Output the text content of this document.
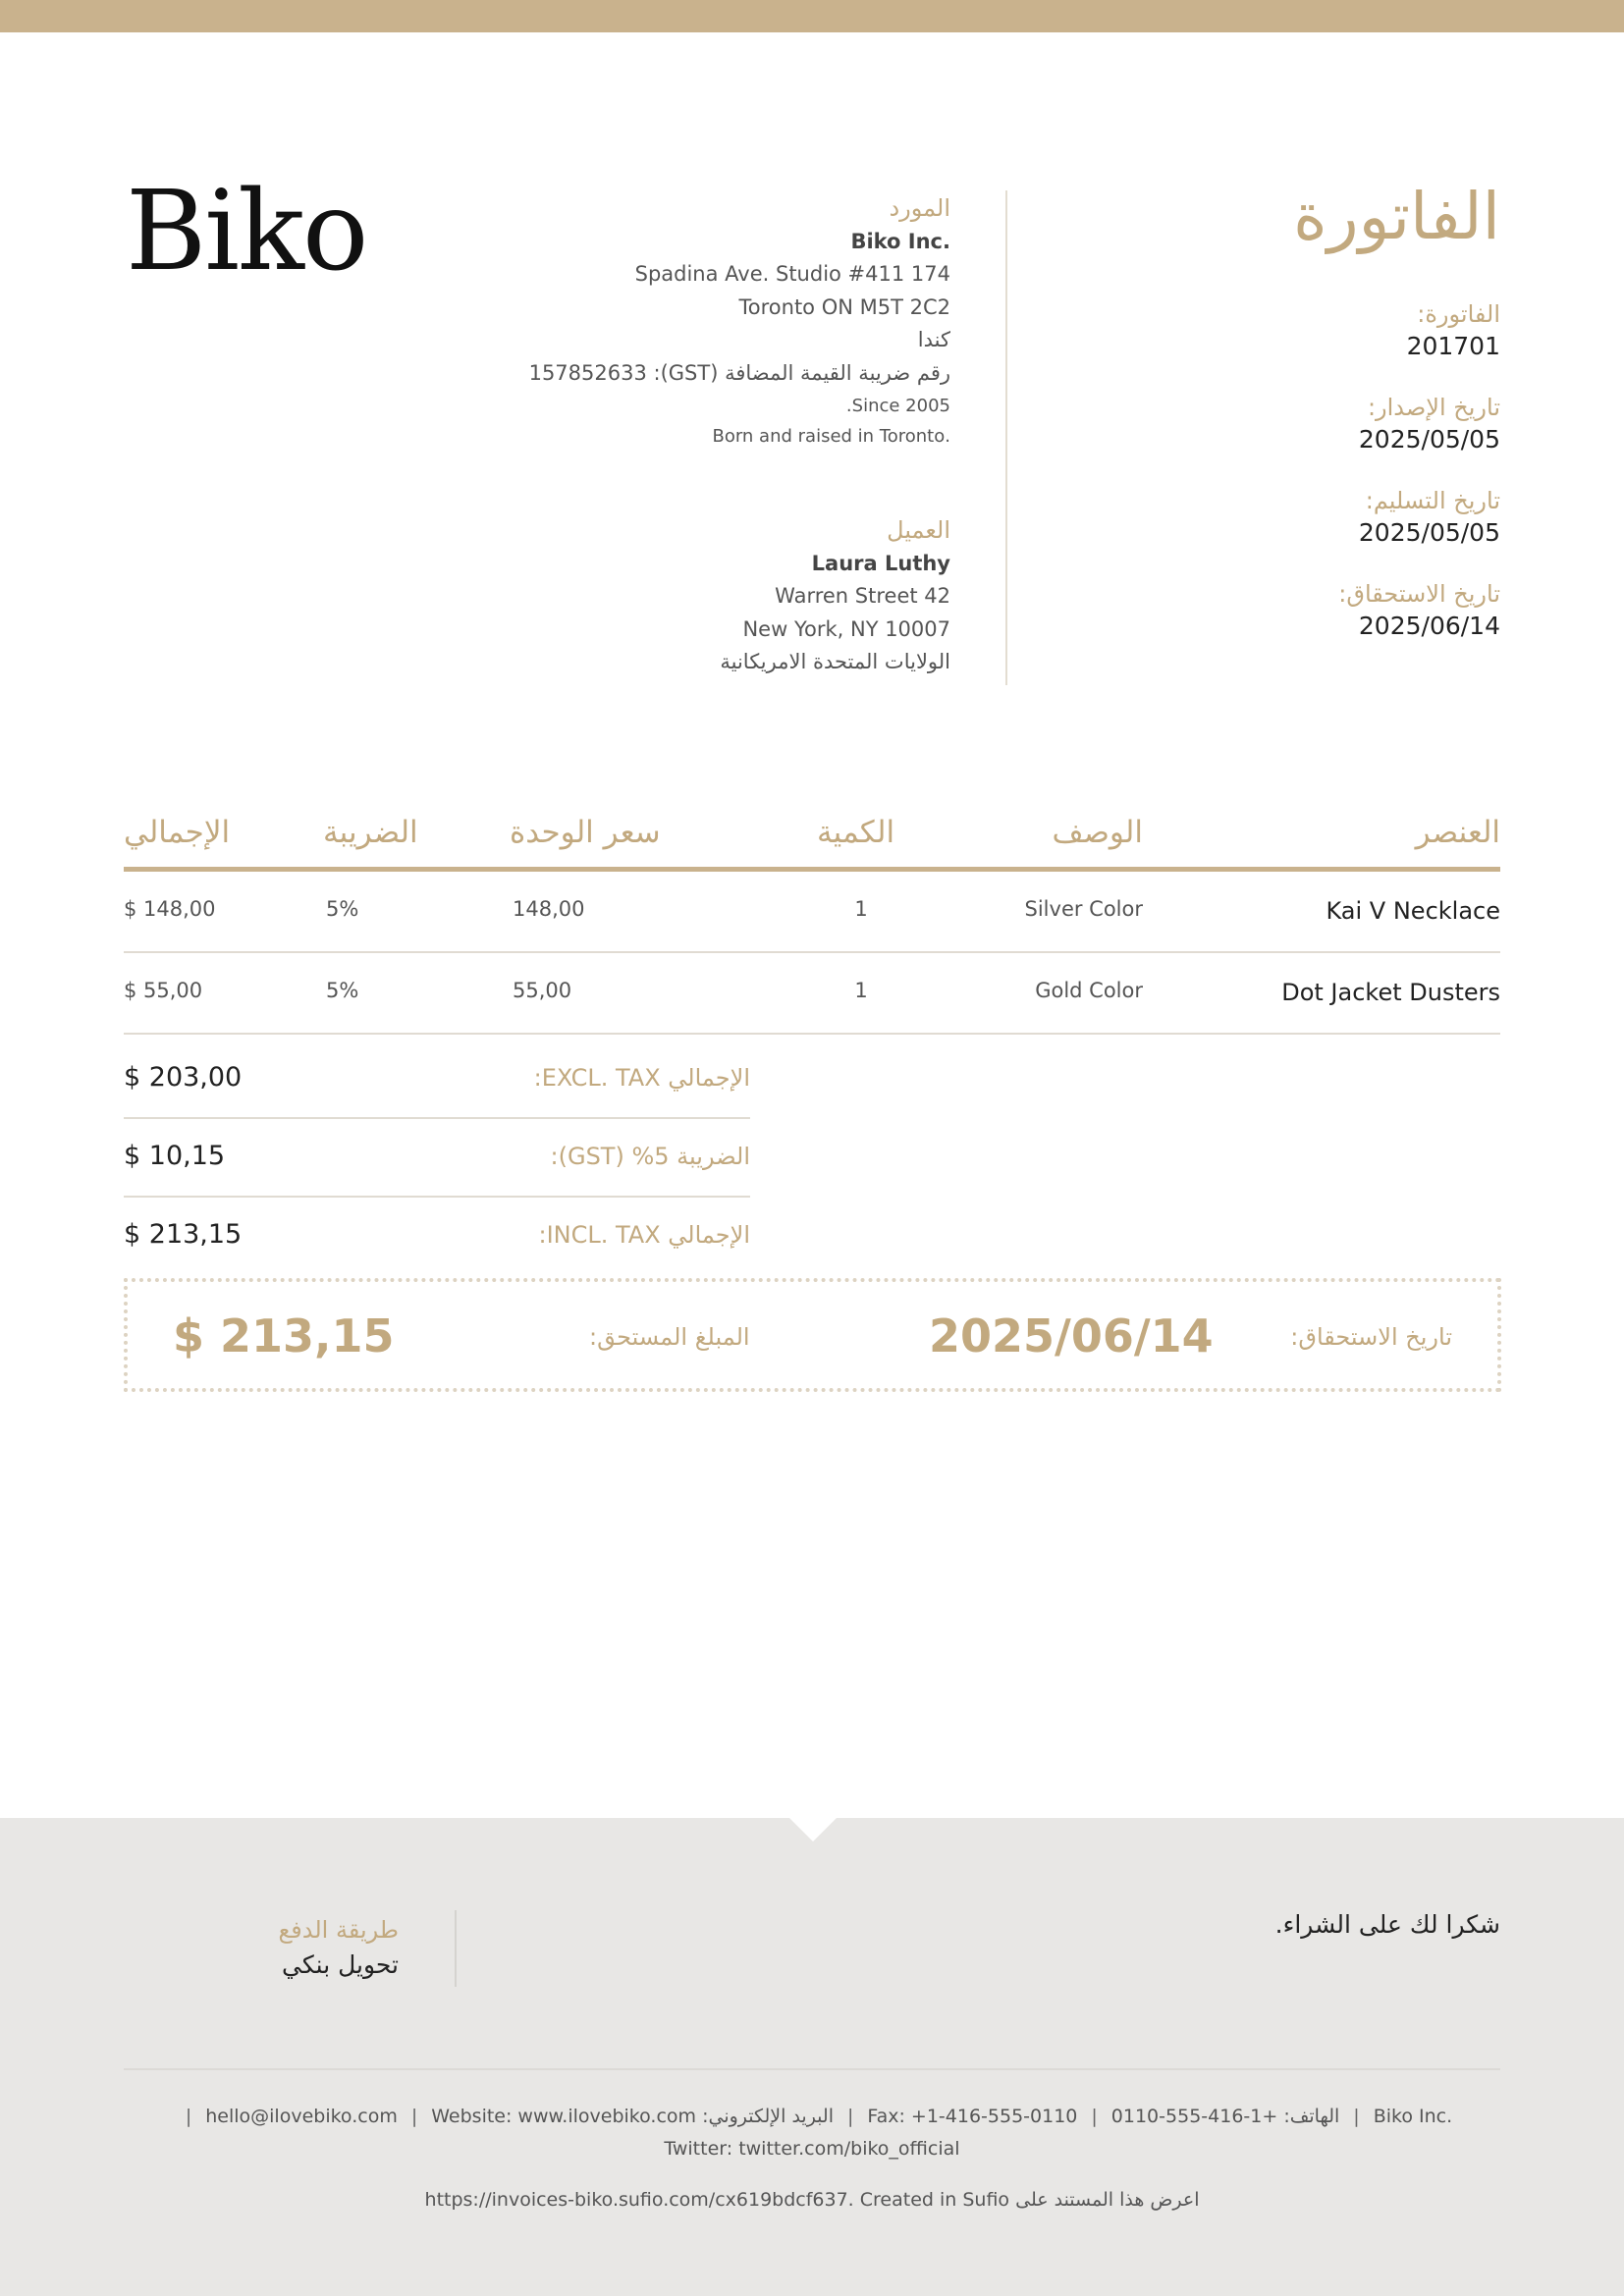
Biko	الفاتورة
الفاتورة:
201701
تاريخ الإصدار:
2025/05/05
تاريخ التسليم:
2025/05/05
تاريخ الاستحقاق:
2025/06/14
المورد
.Biko Inc
Spadina Ave. Studio #411 174
Toronto ON M5T 2C2
كندا
رقم ضريبة القيمة المضافة (GST): 157852633
Since 2005.
.Born and raised in Toronto
العميل
Laura Luthy
Warren Street 42
New York, NY 10007
الولايات المتحدة الامريكانية
العنصر
الوصف
الكمية
سعر الوحدة
الضريبة
الإجمالي
Kai V Necklace
Silver Color
1
148,00
5%
$ 148,00
Dot Jacket Dusters
Gold Color
1
55,00
5%
$ 55,00
الإجمالي EXCL. TAX:
$ 203,00
الضريبة 5% (GST):
$ 10,15
الإجمالي INCL. TAX:
$ 213,15
تاريخ الاستحقاق:
2025/06/14
المبلغ المستحق:
$ 213,15
شكرا لك على الشراء.
طريقة الدفع
تحويل بنكي
.Biko Inc|الهاتف: +1-416-555-0110|Fax: +1-416-555-0110|البريد الإلكتروني: hello@ilovebiko.com| Website: www.ilovebiko.com|
Twitter: twitter.com/biko_official
اعرض هذا المستند على https://invoices-biko.sufio.com/cx619bdcf637. Created in Sufio
